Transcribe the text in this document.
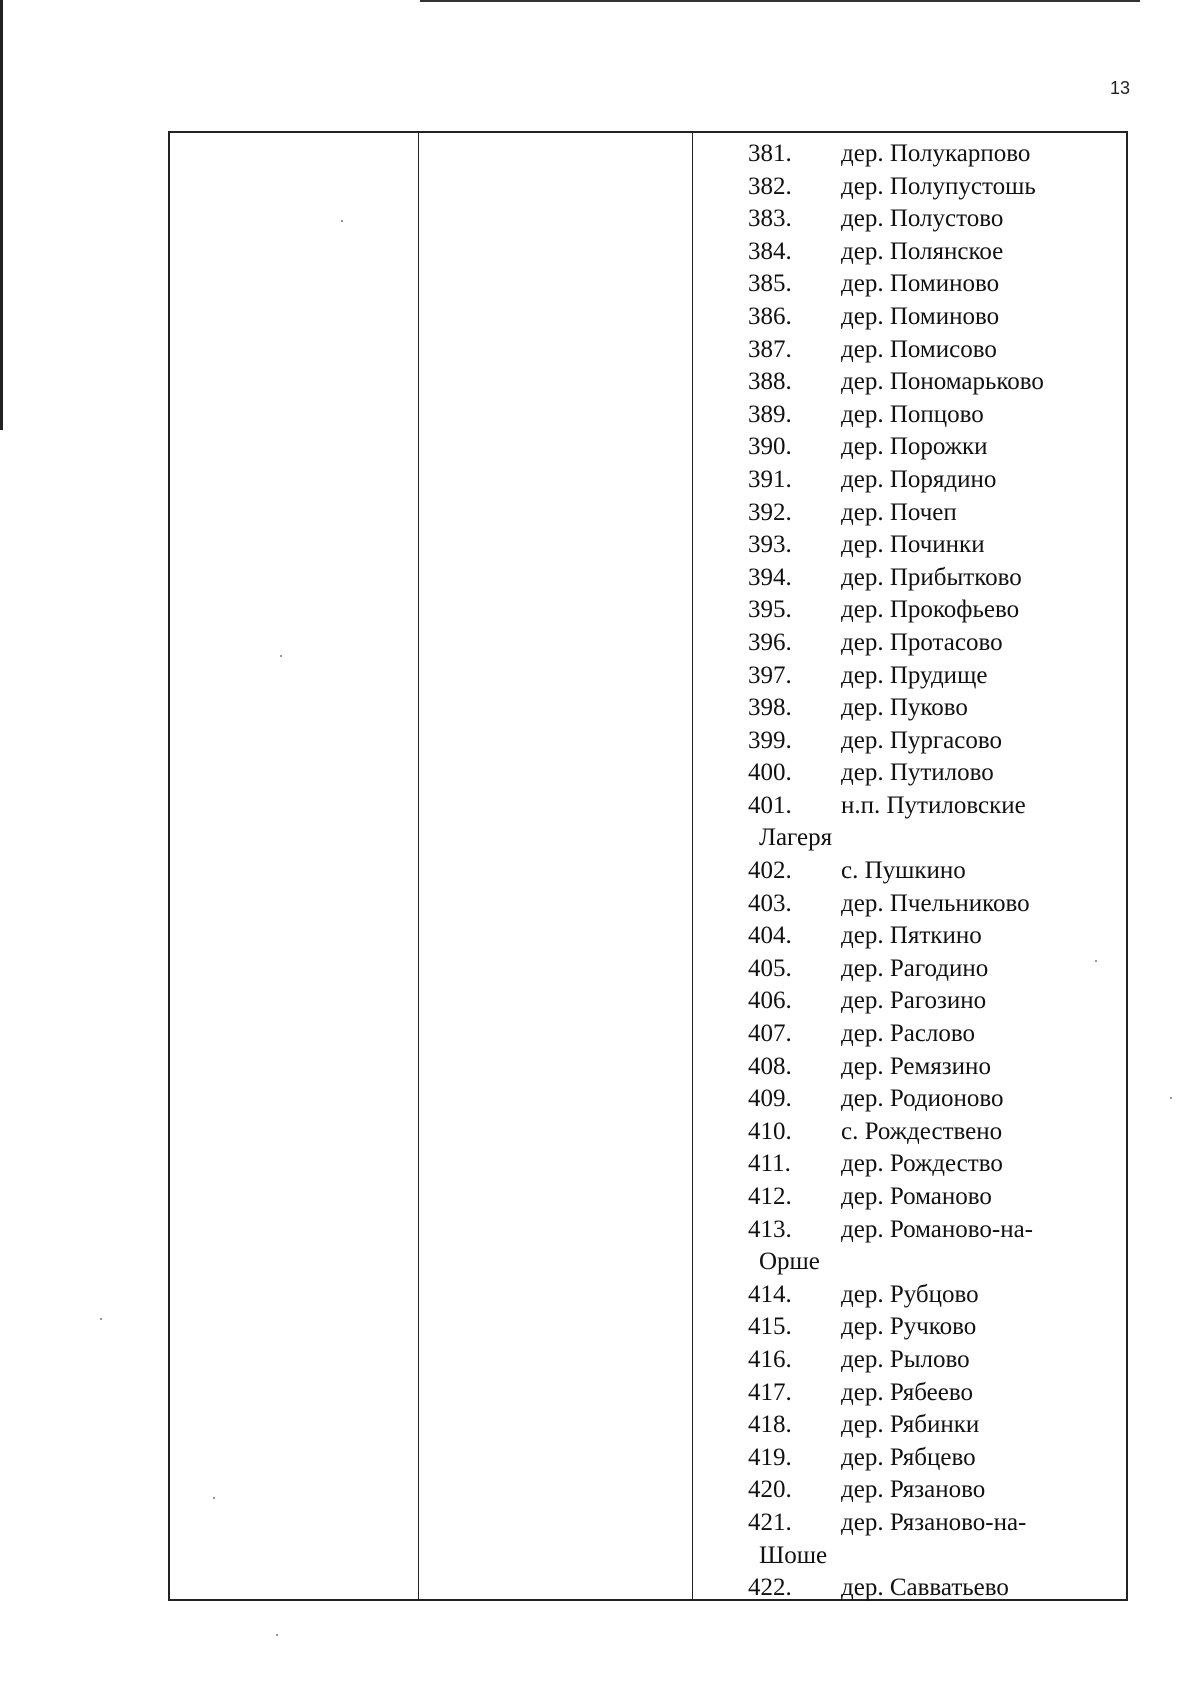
13
381. дер. Полукарпово
382. дер. Полупустошь
383. дер. Полустово
384. дер. Полянское
385. дер. Поминово
386. дер. Поминово
387. дер. Помисово
388. дер. Пономарьково
389. дер. Попцово
390. дер. Порожки
391. дер. Порядино
392. дер. Почеп
393. дер. Починки
394. дер. Прибытково
395. дер. Прокофьево
396. дер. Протасово
397. дер. Прудище
398. дер. Пуково
399. дер. Пургасово
400. дер. Путилово
401. н.п. Путиловские
Лагеря
402. с. Пушкино
403. дер. Пчельниково
404. дер. Пяткино
405. дер. Рагодино
406. дер. Рагозино
407. дер. Раслово
408. дер. Ремязино
409. дер. Родионово
410. с. Рождествено
411. дер. Рождество
412. дер. Романово
413. дер. Романово-на-
Орше
414. дер. Рубцово
415. дер. Ручково
416. дер. Рылово
417. дер. Рябеево
418. дер. Рябинки
419. дер. Рябцево
420. дер. Рязаново
421. дер. Рязаново-на-
Шоше
422. дер. Савватьево
